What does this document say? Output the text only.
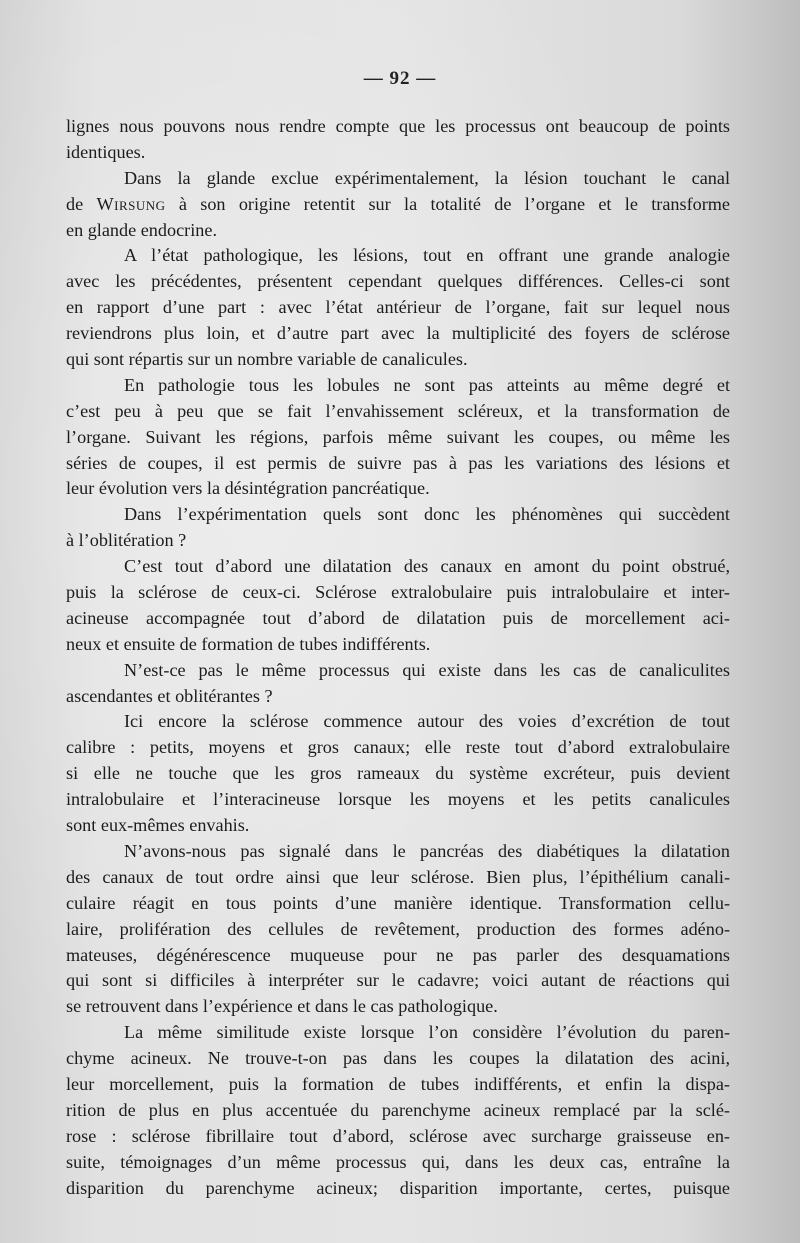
— 92 —
lignes nous pouvons nous rendre compte que les processus ont beaucoup de points
identiques.
Dans la glande exclue expérimentalement, la lésion touchant le canal
de Wirsung à son origine retentit sur la totalité de l’organe et le transforme
en glande endocrine.
A l’état pathologique, les lésions, tout en offrant une grande analogie
avec les précédentes, présentent cependant quelques différences. Celles-ci sont
en rapport d’une part : avec l’état antérieur de l’organe, fait sur lequel nous
reviendrons plus loin, et d’autre part avec la multiplicité des foyers de sclérose
qui sont répartis sur un nombre variable de canalicules.
En pathologie tous les lobules ne sont pas atteints au même degré et
c’est peu à peu que se fait l’envahissement scléreux, et la transformation de
l’organe. Suivant les régions, parfois même suivant les coupes, ou même les
séries de coupes, il est permis de suivre pas à pas les variations des lésions et
leur évolution vers la désintégration pancréatique.
Dans l’expérimentation quels sont donc les phénomènes qui succèdent
à l’oblitération ?
C’est tout d’abord une dilatation des canaux en amont du point obstrué,
puis la sclérose de ceux-ci. Sclérose extralobulaire puis intralobulaire et inter-
acineuse accompagnée tout d’abord de dilatation puis de morcellement aci-
neux et ensuite de formation de tubes indifférents.
N’est-ce pas le même processus qui existe dans les cas de canaliculites
ascendantes et oblitérantes ?
Ici encore la sclérose commence autour des voies d’excrétion de tout
calibre : petits, moyens et gros canaux; elle reste tout d’abord extralobulaire
si elle ne touche que les gros rameaux du système excréteur, puis devient
intralobulaire et l’interacineuse lorsque les moyens et les petits canalicules
sont eux-mêmes envahis.
N’avons-nous pas signalé dans le pancréas des diabétiques la dilatation
des canaux de tout ordre ainsi que leur sclérose. Bien plus, l’épithélium canali-
culaire réagit en tous points d’une manière identique. Transformation cellu-
laire, prolifération des cellules de revêtement, production des formes adéno-
mateuses, dégénérescence muqueuse pour ne pas parler des desquamations
qui sont si difficiles à interpréter sur le cadavre; voici autant de réactions qui
se retrouvent dans l’expérience et dans le cas pathologique.
La même similitude existe lorsque l’on considère l’évolution du paren-
chyme acineux. Ne trouve-t-on pas dans les coupes la dilatation des acini,
leur morcellement, puis la formation de tubes indifférents, et enfin la dispa-
rition de plus en plus accentuée du parenchyme acineux remplacé par la sclé-
rose : sclérose fibrillaire tout d’abord, sclérose avec surcharge graisseuse en-
suite, témoignages d’un même processus qui, dans les deux cas, entraîne la
disparition du parenchyme acineux; disparition importante, certes, puisque
